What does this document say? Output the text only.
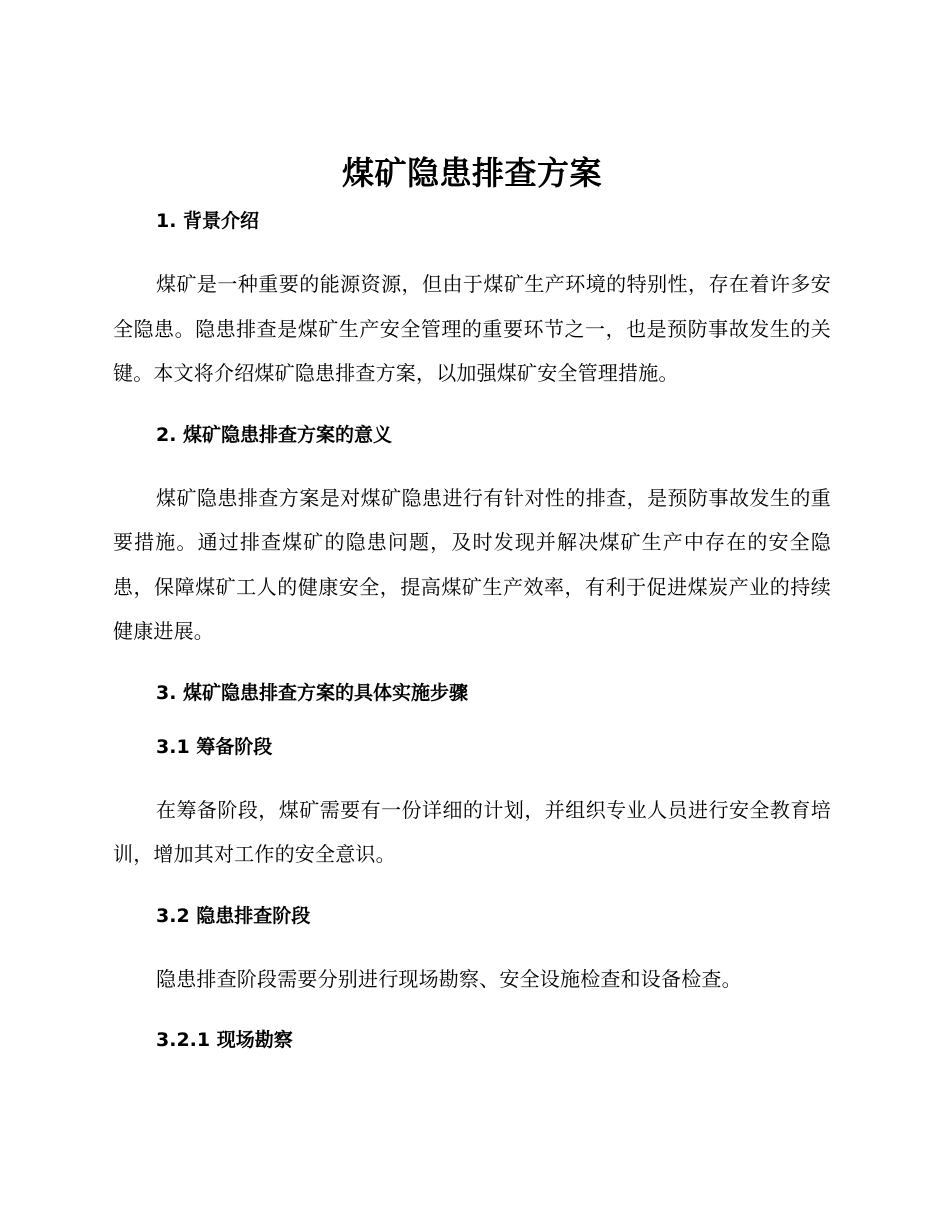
煤矿隐患排查方案
1. 背景介绍

煤矿是一种重要的能源资源，但由于煤矿生产环境的特别性，存在着许多安全隐患。隐患排查是煤矿生产安全管理的重要环节之一，也是预防事故发生的关键。本文将介绍煤矿隐患排查方案，以加强煤矿安全管理措施。

2. 煤矿隐患排查方案的意义

煤矿隐患排查方案是对煤矿隐患进行有针对性的排查，是预防事故发生的重要措施。通过排查煤矿的隐患问题，及时发现并解决煤矿生产中存在的安全隐患，保障煤矿工人的健康安全，提高煤矿生产效率，有利于促进煤炭产业的持续健康进展。

3. 煤矿隐患排查方案的具体实施步骤
3.1 筹备阶段

在筹备阶段，煤矿需要有一份详细的计划，并组织专业人员进行安全教育培训，增加其对工作的安全意识。

3.2 隐患排查阶段

隐患排查阶段需要分别进行现场勘察、安全设施检查和设备检查。

3.2.1 现场勘察
